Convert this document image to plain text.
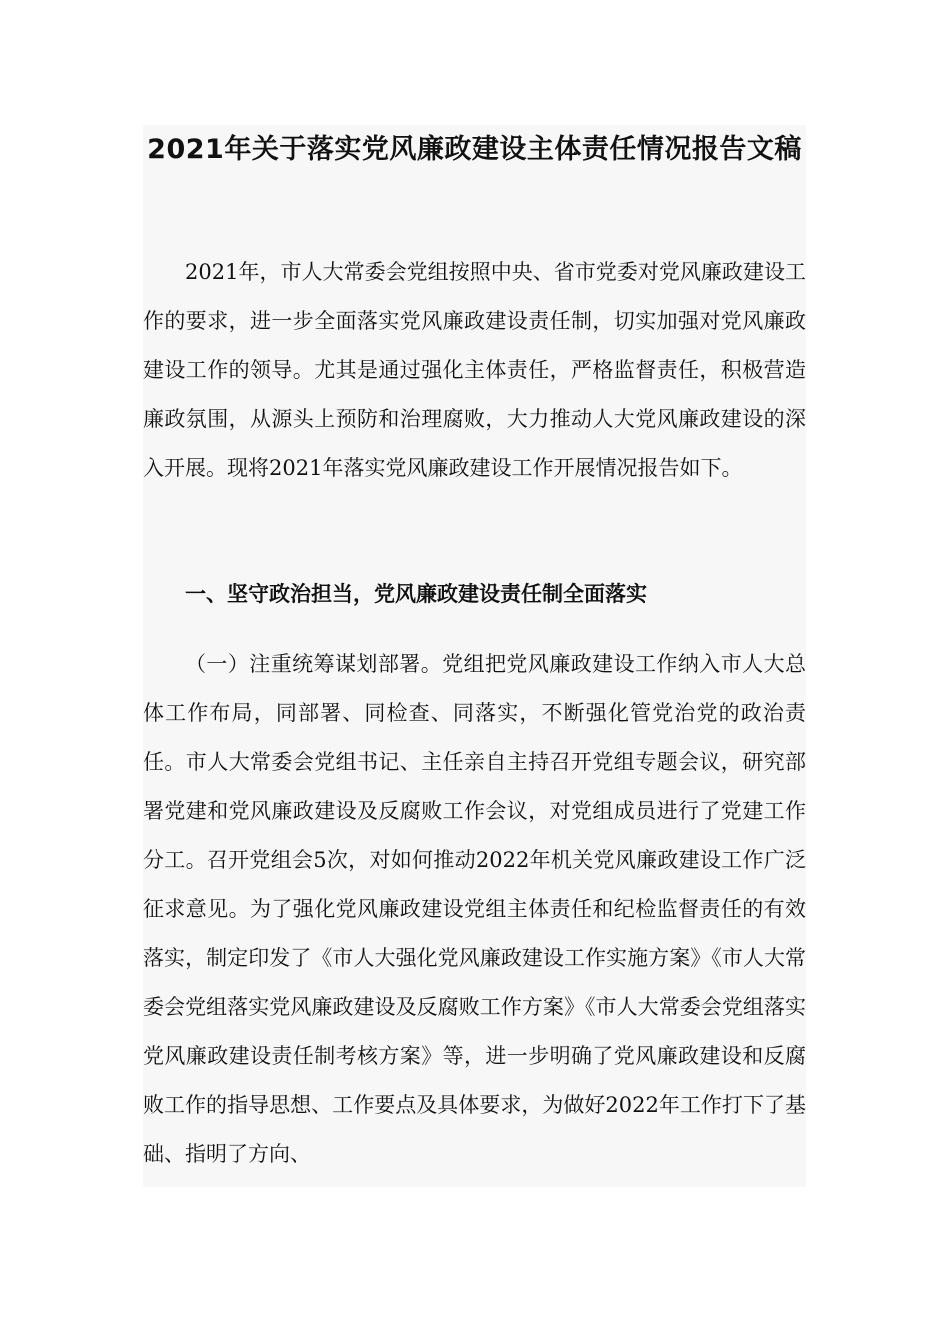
2021年关于落实党风廉政建设主体责任情况报告文稿

2021年，市人大常委会党组按照中央、省市党委对党风廉政建设工作的要求，进一步全面落实党风廉政建设责任制，切实加强对党风廉政建设工作的领导。尤其是通过强化主体责任，严格监督责任，积极营造廉政氛围，从源头上预防和治理腐败，大力推动人大党风廉政建设的深入开展。现将2021年落实党风廉政建设工作开展情况报告如下。

一、坚守政治担当，党风廉政建设责任制全面落实

（一）注重统筹谋划部署。党组把党风廉政建设工作纳入市人大总体工作布局，同部署、同检查、同落实，不断强化管党治党的政治责任。市人大常委会党组书记、主任亲自主持召开党组专题会议，研究部署党建和党风廉政建设及反腐败工作会议，对党组成员进行了党建工作分工。召开党组会5次，对如何推动2022年机关党风廉政建设工作广泛征求意见。为了强化党风廉政建设党组主体责任和纪检监督责任的有效落实，制定印发了《市人大强化党风廉政建设工作实施方案》《市人大常委会党组落实党风廉政建设及反腐败工作方案》《市人大常委会党组落实党风廉政建设责任制考核方案》等，进一步明确了党风廉政建设和反腐败工作的指导思想、工作要点及具体要求，为做好2022年工作打下了基础、指明了方向、
